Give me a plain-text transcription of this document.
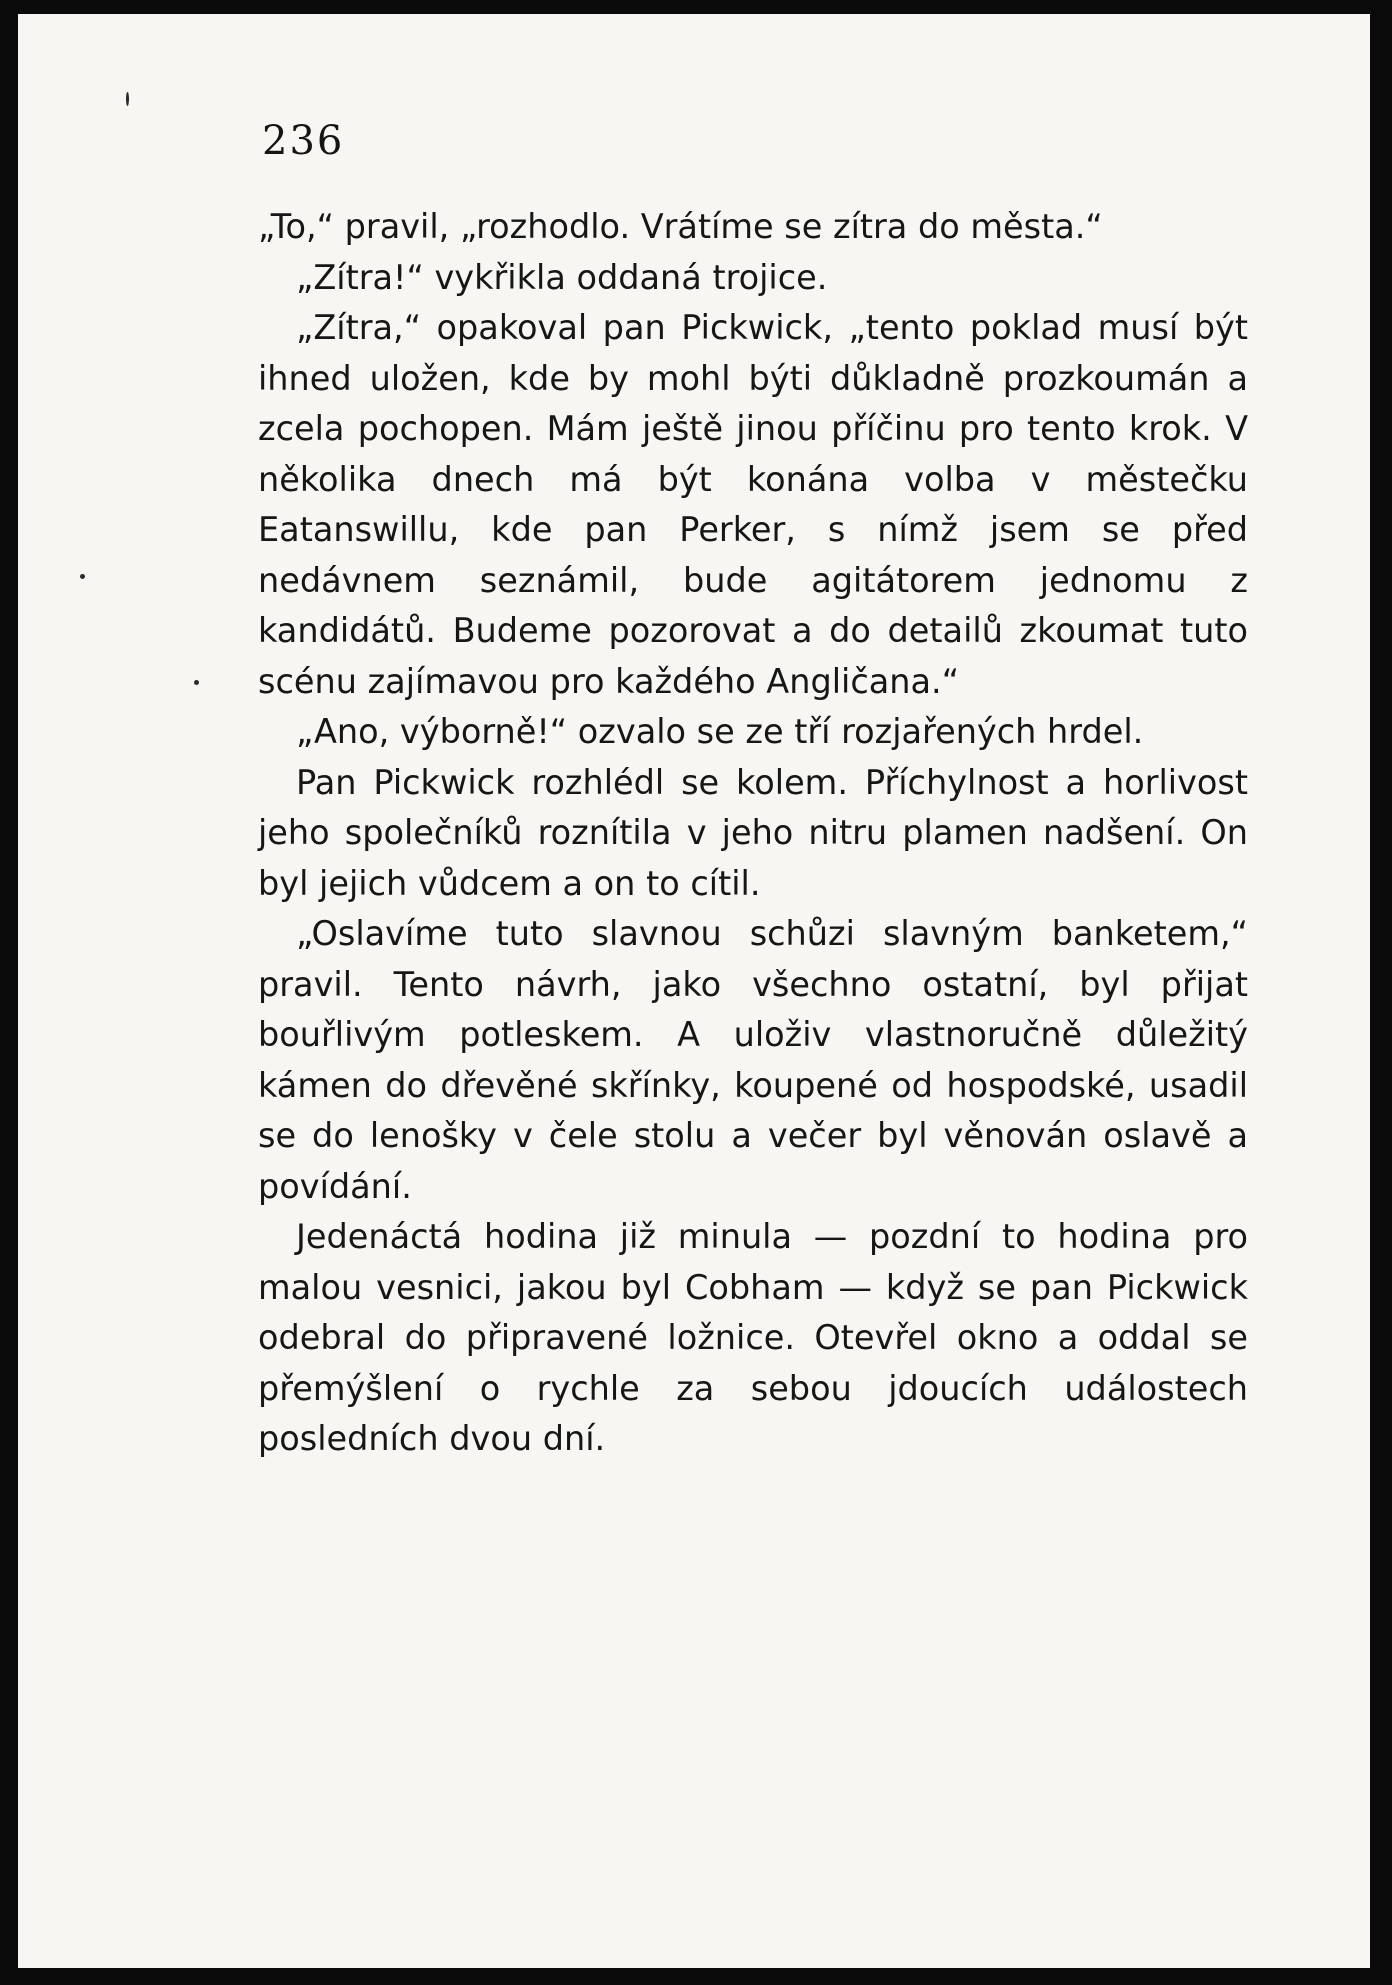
236

„To,“ pravil, „rozhodlo. Vrátíme se zítra do města.“

„Zítra!“ vykřikla oddaná trojice.

„Zítra,“ opakoval pan Pickwick, „tento poklad musí být ihned uložen, kde by mohl býti důkladně prozkoumán a zcela pochopen. Mám ještě jinou příčinu pro tento krok. V několika dnech má být konána volba v městečku Eatanswillu, kde pan Perker, s nímž jsem se před nedávnem seznámil, bude agitátorem jednomu z kandidátů. Budeme pozorovat a do detailů zkoumat tuto scénu zajímavou pro každého Angličana.“

„Ano, výborně!“ ozvalo se ze tří rozjařených hrdel.

Pan Pickwick rozhlédl se kolem. Příchylnost a horlivost jeho společníků roznítila v jeho nitru plamen nadšení. On byl jejich vůdcem a on to cítil.

„Oslavíme tuto slavnou schůzi slavným banketem,“ pravil. Tento návrh, jako všechno ostatní, byl přijat bouřlivým potleskem. A uloživ vlastnoručně důležitý kámen do dřevěné skřínky, koupené od hospodské, usadil se do lenošky v čele stolu a večer byl věnován oslavě a povídání.

Jedenáctá hodina již minula — pozdní to hodina pro malou vesnici, jakou byl Cobham — když se pan Pickwick odebral do připravené ložnice. Otevřel okno a oddal se přemýšlení o rychle za sebou jdoucích událostech posledních dvou dní.
